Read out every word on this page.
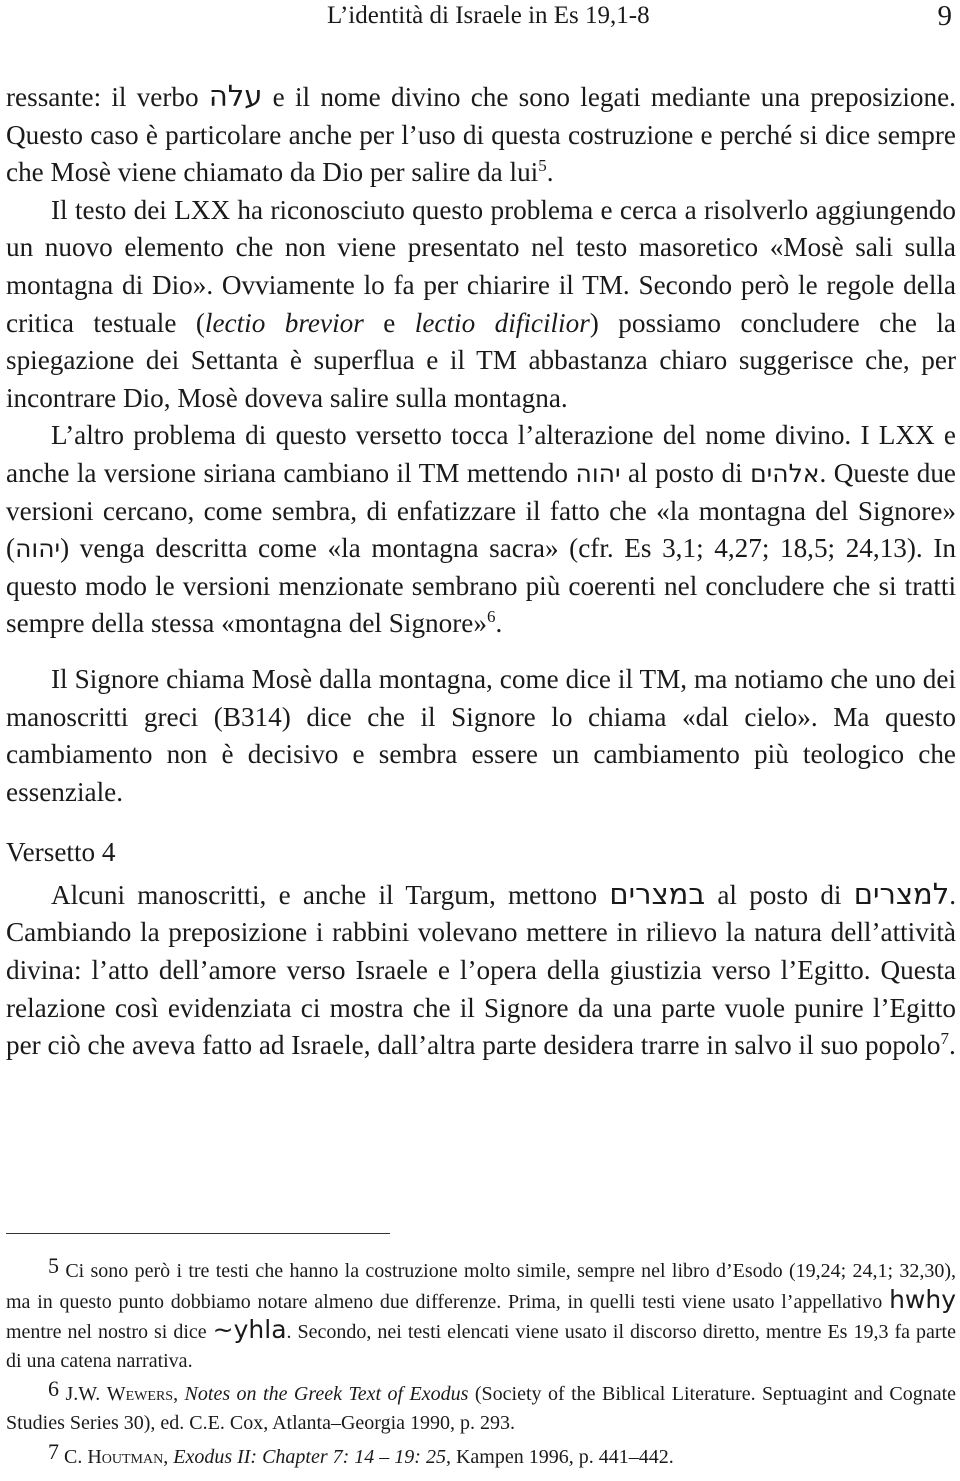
L’identità di Israele in Es 19,1-8	9

ressante: il verbo עלה e il nome divino che sono legati mediante una preposizione. Questo caso è particolare anche per l’uso di questa costruzione e perché si dice sempre che Mosè viene chiamato da Dio per salire da lui$^5$.

Il testo dei LXX ha riconosciuto questo problema e cerca a risolverlo aggiungendo un nuovo elemento che non viene presentato nel testo masoretico «Mosè sali sulla montagna di Dio». Ovviamente lo fa per chiarire il TM. Secondo però le regole della critica testuale (lectio brevior e lectio dificilior) possiamo concludere che la spiegazione dei Settanta è superflua e il TM abbastanza chiaro suggerisce che, per incontrare Dio, Mosè doveva salire sulla montagna.

L’altro problema di questo versetto tocca l’alterazione del nome divino. I LXX e anche la versione siriana cambiano il TM mettendo יהוה al posto di אלהים. Queste due versioni cercano, come sembra, di enfatizzare il fatto che «la montagna del Signore» (יהוה) venga descritta come «la montagna sacra» (cfr. Es 3,1; 4,27; 18,5; 24,13). In questo modo le versioni menzionate sembrano più coerenti nel concludere che si tratti sempre della stessa «montagna del Signore»$^6$.

Il Signore chiama Mosè dalla montagna, come dice il TM, ma notiamo che uno dei manoscritti greci (B314) dice che il Signore lo chiama «dal cielo». Ma questo cambiamento non è decisivo e sembra essere un cambiamento più teologico che essenziale.

Versetto 4

Alcuni manoscritti, e anche il Targum, mettono במצרים al posto di למצרים. Cambiando la preposizione i rabbini volevano mettere in rilievo la natura dell’attività divina: l’atto dell’amore verso Israele e l’opera della giustizia verso l’Egitto. Questa relazione così evidenziata ci mostra che il Signore da una parte vuole punire l’Egitto per ciò che aveva fatto ad Israele, dall’altra parte desidera trarre in salvo il suo popolo$^7$.

5 Ci sono però i tre testi che hanno la costruzione molto simile, sempre nel libro d’Esodo (19,24; 24,1; 32,30), ma in questo punto dobbiamo notare almeno due differenze. Prima, in quelli testi viene usato l’appellativo hwhy mentre nel nostro si dice ~yhla. Secondo, nei testi elencati viene usato il discorso diretto, mentre Es 19,3 fa parte di una catena narrativa.

6 J.W. Wewers, Notes on the Greek Text of Exodus (Society of the Biblical Literature. Septuagint and Cognate Studies Series 30), ed. C.E. Cox, Atlanta–Georgia 1990, p. 293.

7 C. Houtman, Exodus II: Chapter 7: 14 – 19: 25, Kampen 1996, p. 441–442.
